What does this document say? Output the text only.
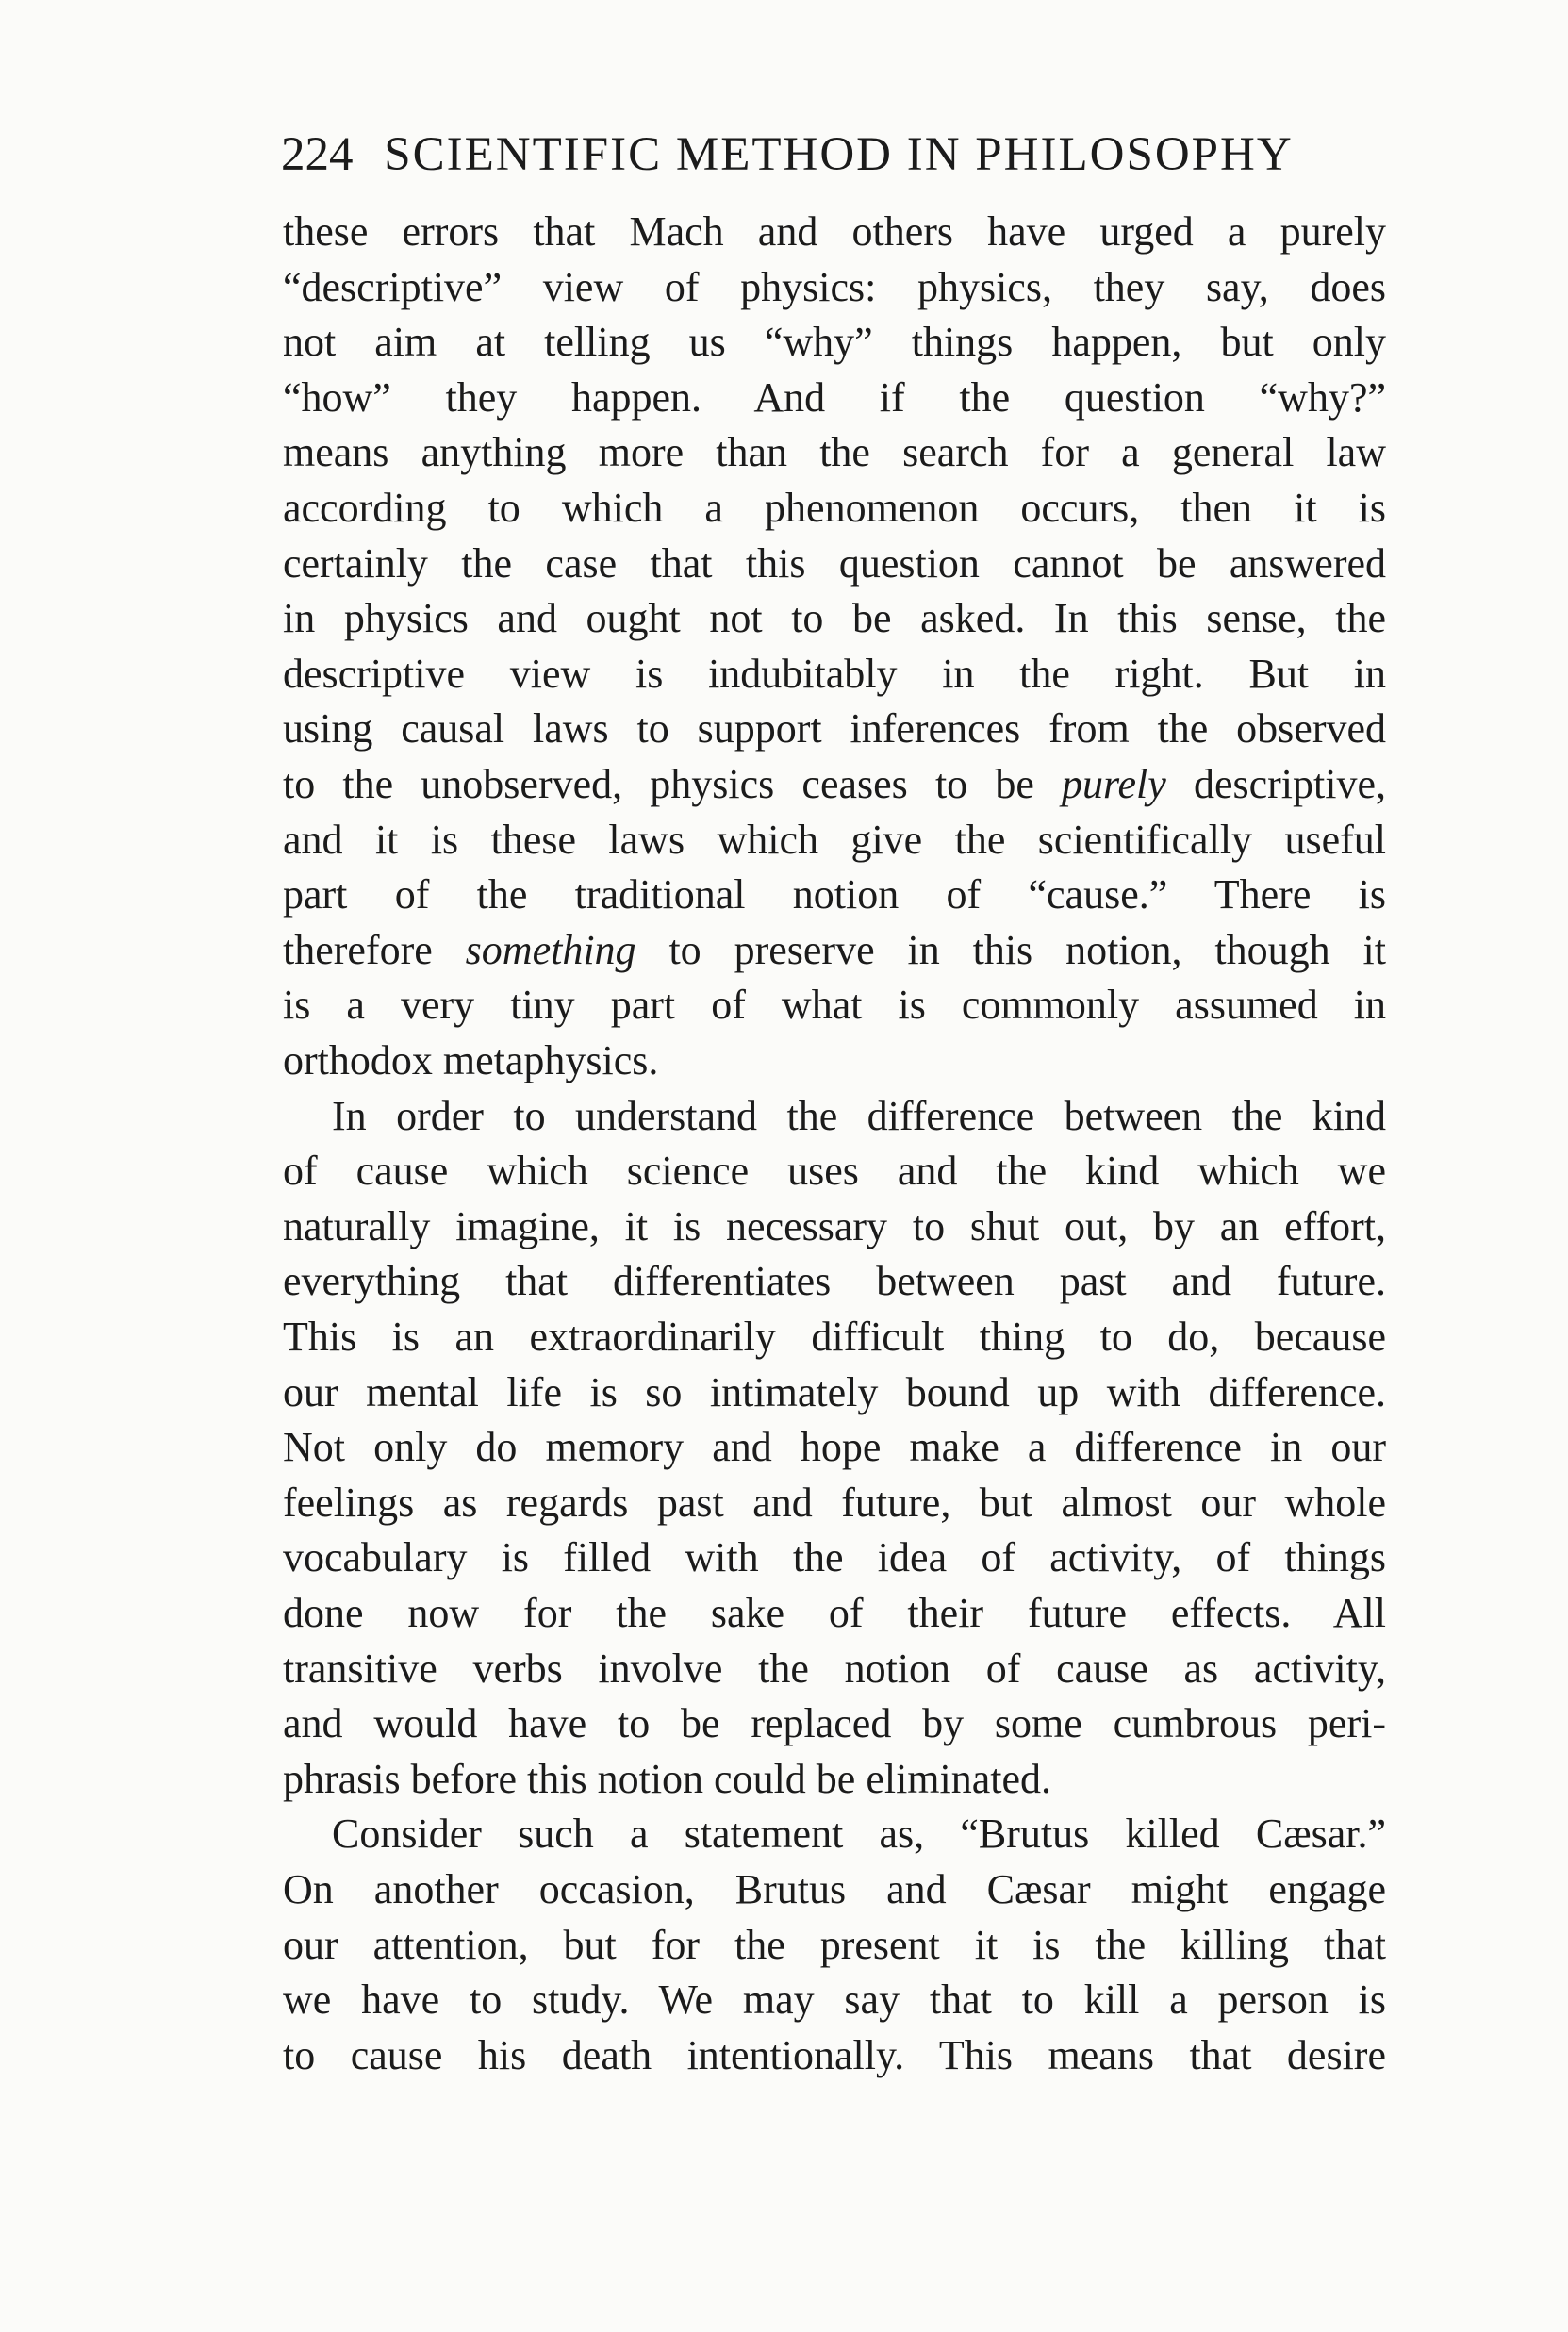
224 SCIENTIFIC METHOD IN PHILOSOPHY
these errors that Mach and others have urged a purely
“descriptive” view of physics: physics, they say, does
not aim at telling us “why” things happen, but only
“how” they happen. And if the question “why?”
means anything more than the search for a general law
according to which a phenomenon occurs, then it is
certainly the case that this question cannot be answered
in physics and ought not to be asked. In this sense, the
descriptive view is indubitably in the right. But in
using causal laws to support inferences from the observed
to the unobserved, physics ceases to be purely descriptive,
and it is these laws which give the scientifically useful
part of the traditional notion of “cause.” There is
therefore something to preserve in this notion, though it
is a very tiny part of what is commonly assumed in
orthodox metaphysics.
In order to understand the difference between the kind
of cause which science uses and the kind which we
naturally imagine, it is necessary to shut out, by an effort,
everything that differentiates between past and future.
This is an extraordinarily difficult thing to do, because
our mental life is so intimately bound up with difference.
Not only do memory and hope make a difference in our
feelings as regards past and future, but almost our whole
vocabulary is filled with the idea of activity, of things
done now for the sake of their future effects. All
transitive verbs involve the notion of cause as activity,
and would have to be replaced by some cumbrous peri-
phrasis before this notion could be eliminated.
Consider such a statement as, “Brutus killed Cæsar.”
On another occasion, Brutus and Cæsar might engage
our attention, but for the present it is the killing that
we have to study. We may say that to kill a person is
to cause his death intentionally. This means that desire
